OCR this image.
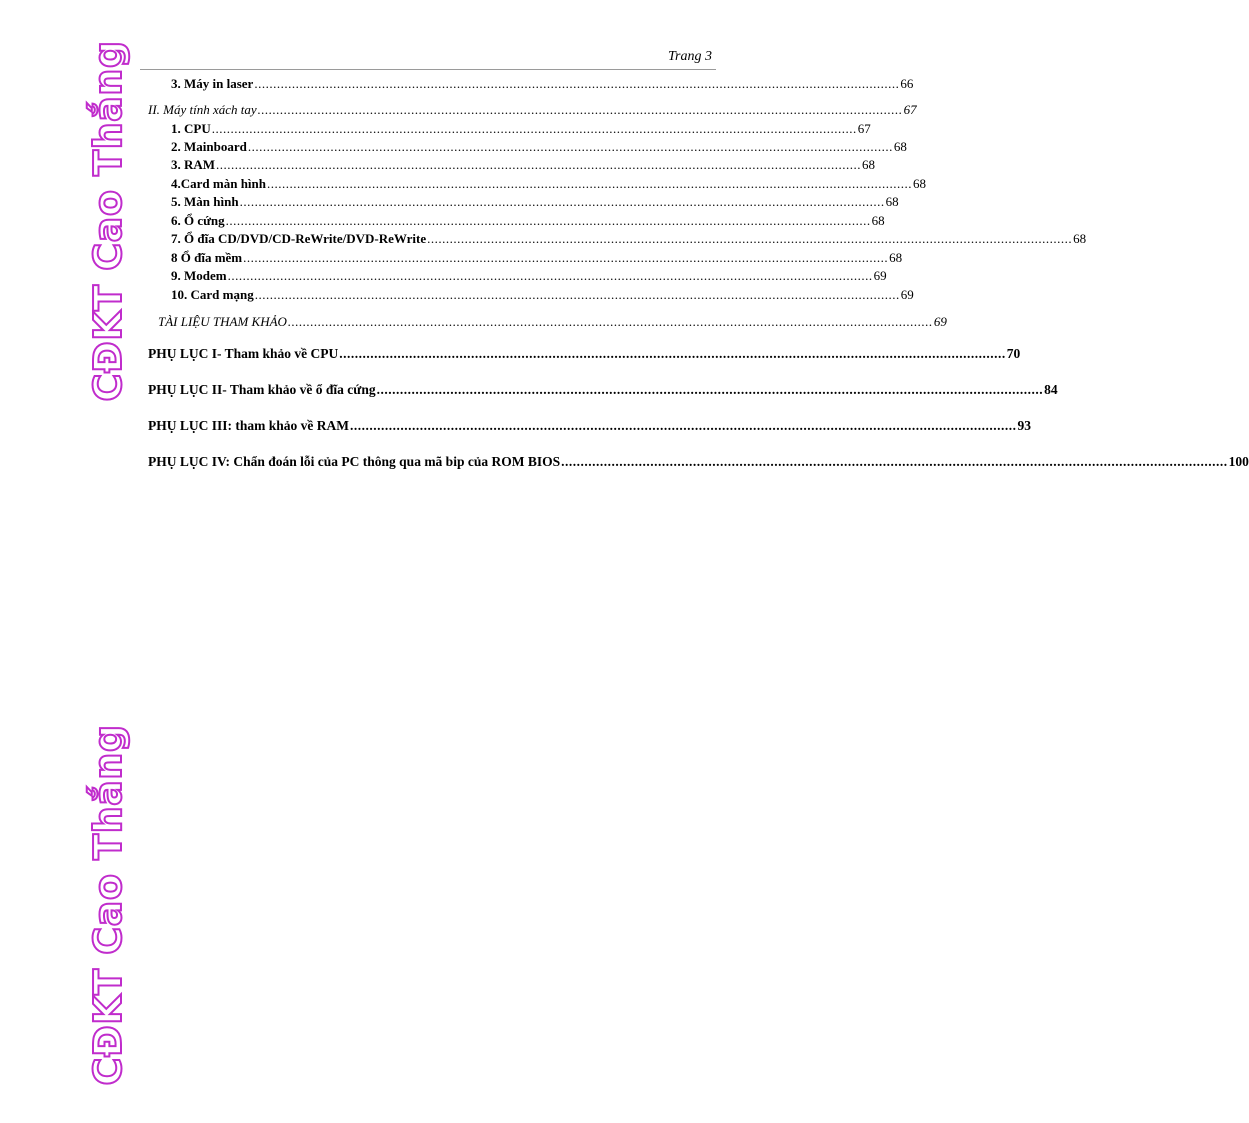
Trang 3
CĐKT Cao Thắng
CĐKT Cao Thắng
3. Máy in laser ............................................................................................................................................................................ 66
II. Máy tính xách tay ............................................................................................................................................................................ 67
1. CPU ............................................................................................................................................................................ 67
2. Mainboard ............................................................................................................................................................................ 68
3. RAM ............................................................................................................................................................................ 68
4.Card màn hình ............................................................................................................................................................................ 68
5. Màn hình ............................................................................................................................................................................ 68
6. Ổ cứng ............................................................................................................................................................................ 68
7. Ổ đĩa CD/DVD/CD-ReWrite/DVD-ReWrite ............................................................................................................................................................................ 68
8 Ổ đĩa mềm ............................................................................................................................................................................ 68
9. Modem ............................................................................................................................................................................ 69
10. Card mạng ............................................................................................................................................................................ 69
TÀI LIỆU THAM KHẢO ............................................................................................................................................................................ 69
PHỤ LỤC I- Tham khảo về CPU ............................................................................................................................................................................ 70
PHỤ LỤC II- Tham khảo về ổ đĩa cứng ............................................................................................................................................................................ 84
PHỤ LỤC III: tham khảo về RAM ............................................................................................................................................................................ 93
PHỤ LỤC IV: Chẩn đoán lỗi của PC thông qua mã bip của ROM BIOS ............................................................................................................................................................................ 100
